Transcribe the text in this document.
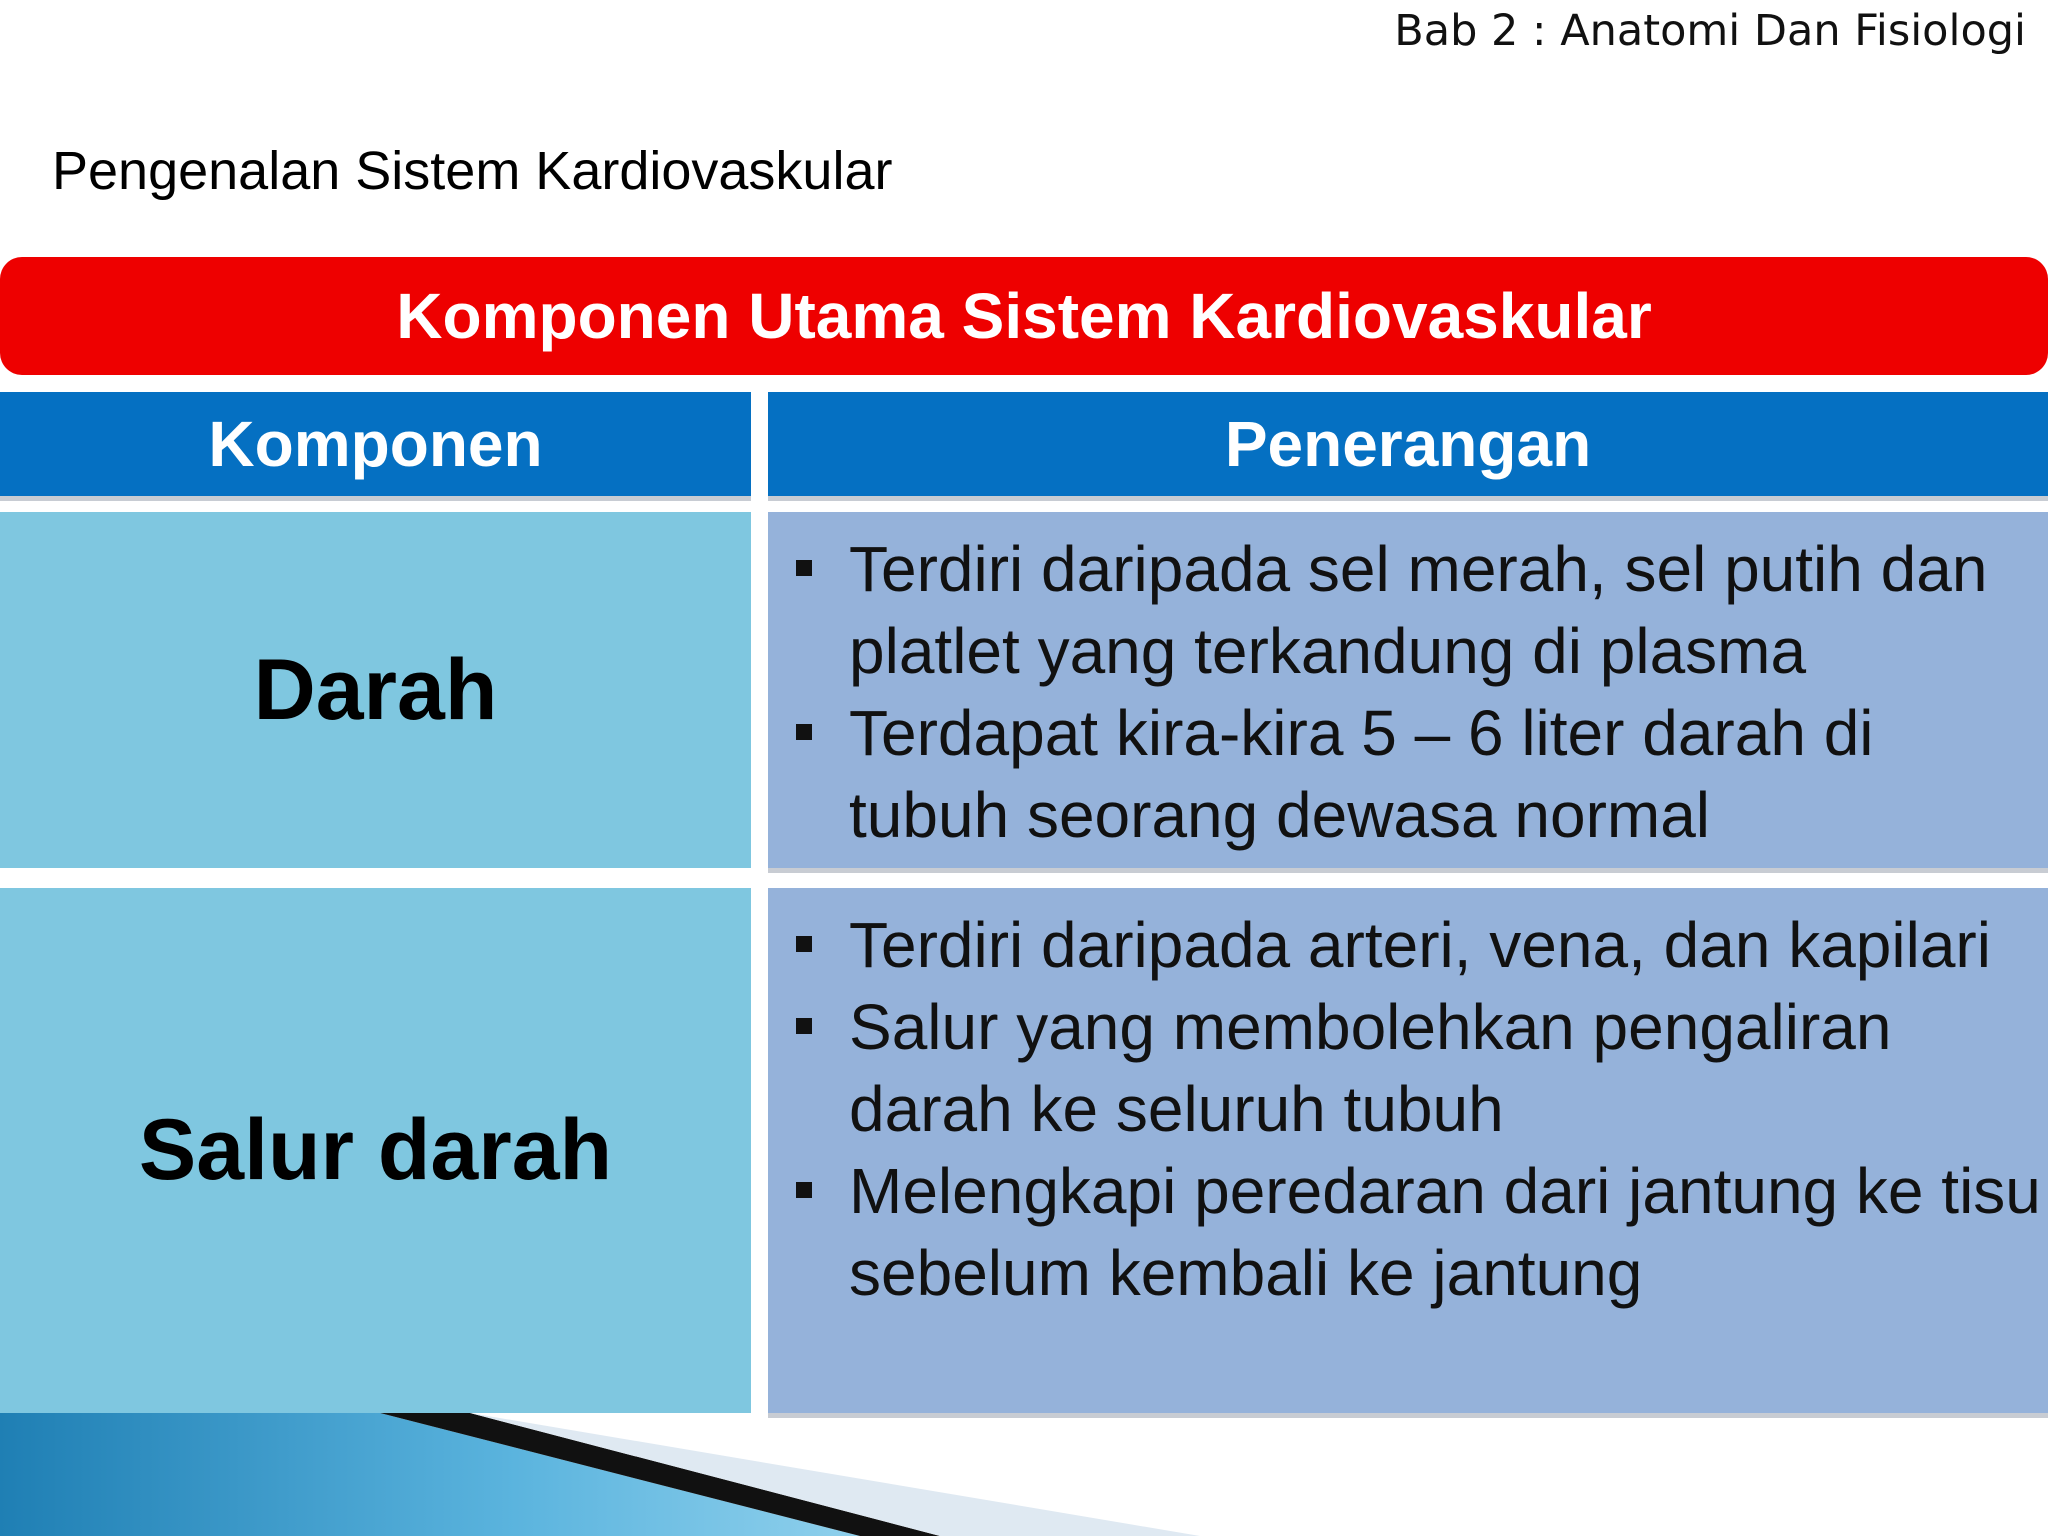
Bab 2 : Anatomi Dan Fisiologi
Pengenalan Sistem Kardiovaskular
Komponen Utama Sistem Kardiovaskular
Komponen	Penerangan
Darah
Terdiri daripada sel merah, sel putih dan platlet yang terkandung di plasma
Terdapat kira-kira 5 – 6 liter darah di tubuh seorang dewasa normal
Salur darah
Terdiri daripada arteri, vena, dan kapilari
Salur yang membolehkan pengaliran darah ke seluruh tubuh
Melengkapi peredaran dari jantung ke tisu sebelum kembali ke jantung
